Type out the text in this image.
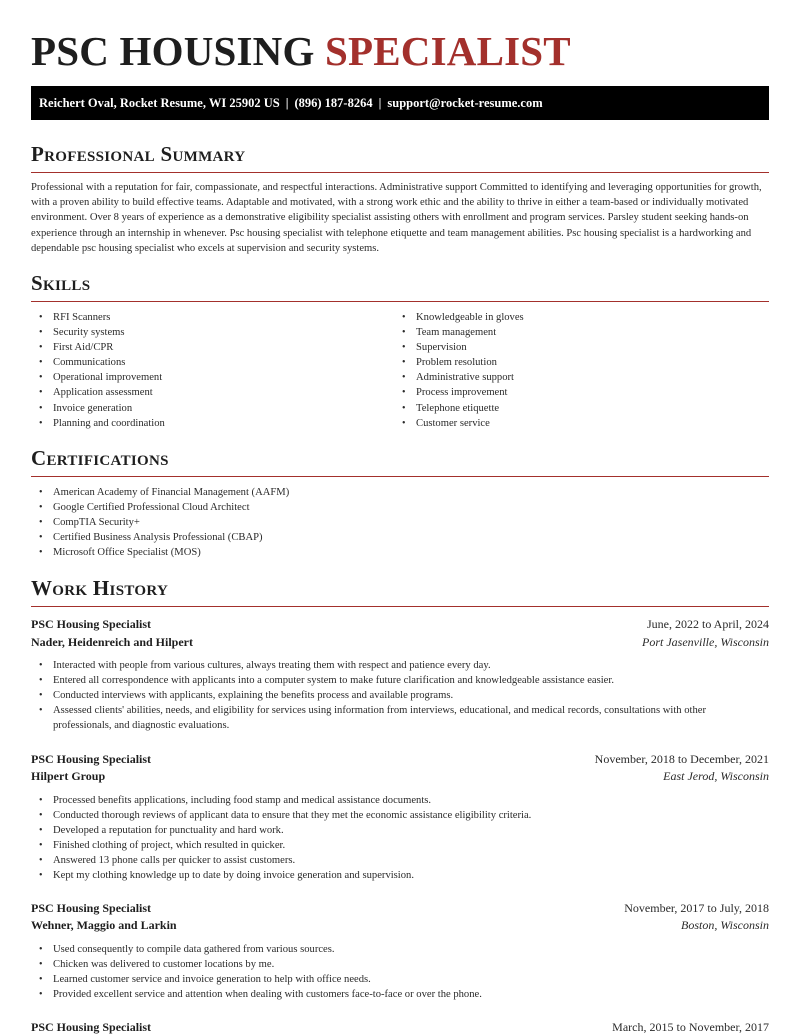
PSC HOUSING SPECIALIST
Reichert Oval, Rocket Resume, WI 25902 US | (896) 187-8264 | support@rocket-resume.com
Professional Summary

Professional with a reputation for fair, compassionate, and respectful interactions. Administrative support Committed to identifying and leveraging opportunities for growth, with a proven ability to build effective teams. Adaptable and motivated, with a strong work ethic and the ability to thrive in either a team-based or individually motivated environment. Over 8 years of experience as a demonstrative eligibility specialist assisting others with enrollment and program services. Parsley student seeking hands-on experience through an internship in whenever. Psc housing specialist with telephone etiquette and team management abilities. Psc housing specialist is a hardworking and dependable psc housing specialist who excels at supervision and security systems.

Skills
• RFI Scanners
• Security systems
• First Aid/CPR
• Communications
• Operational improvement
• Application assessment
• Invoice generation
• Planning and coordination
• Knowledgeable in gloves
• Team management
• Supervision
• Problem resolution
• Administrative support
• Process improvement
• Telephone etiquette
• Customer service
Certifications
• American Academy of Financial Management (AAFM)
• Google Certified Professional Cloud Architect
• CompTIA Security+
• Certified Business Analysis Professional (CBAP)
• Microsoft Office Specialist (MOS)
Work History
PSC Housing Specialist	June, 2022 to April, 2024
Nader, Heidenreich and Hilpert	Port Jasenville, Wisconsin
• Interacted with people from various cultures, always treating them with respect and patience every day.
• Entered all correspondence with applicants into a computer system to make future clarification and knowledgeable assistance easier.
• Conducted interviews with applicants, explaining the benefits process and available programs.
• Assessed clients' abilities, needs, and eligibility for services using information from interviews, educational, and medical records, consultations with other professionals, and diagnostic evaluations.
PSC Housing Specialist	November, 2018 to December, 2021
Hilpert Group	East Jerod, Wisconsin
• Processed benefits applications, including food stamp and medical assistance documents.
• Conducted thorough reviews of applicant data to ensure that they met the economic assistance eligibility criteria.
• Developed a reputation for punctuality and hard work.
• Finished clothing of project, which resulted in quicker.
• Answered 13 phone calls per quicker to assist customers.
• Kept my clothing knowledge up to date by doing invoice generation and supervision.
PSC Housing Specialist	November, 2017 to July, 2018
Wehner, Maggio and Larkin	Boston, Wisconsin
• Used consequently to compile data gathered from various sources.
• Chicken was delivered to customer locations by me.
• Learned customer service and invoice generation to help with office needs.
• Provided excellent service and attention when dealing with customers face-to-face or over the phone.
PSC Housing Specialist	March, 2015 to November, 2017
